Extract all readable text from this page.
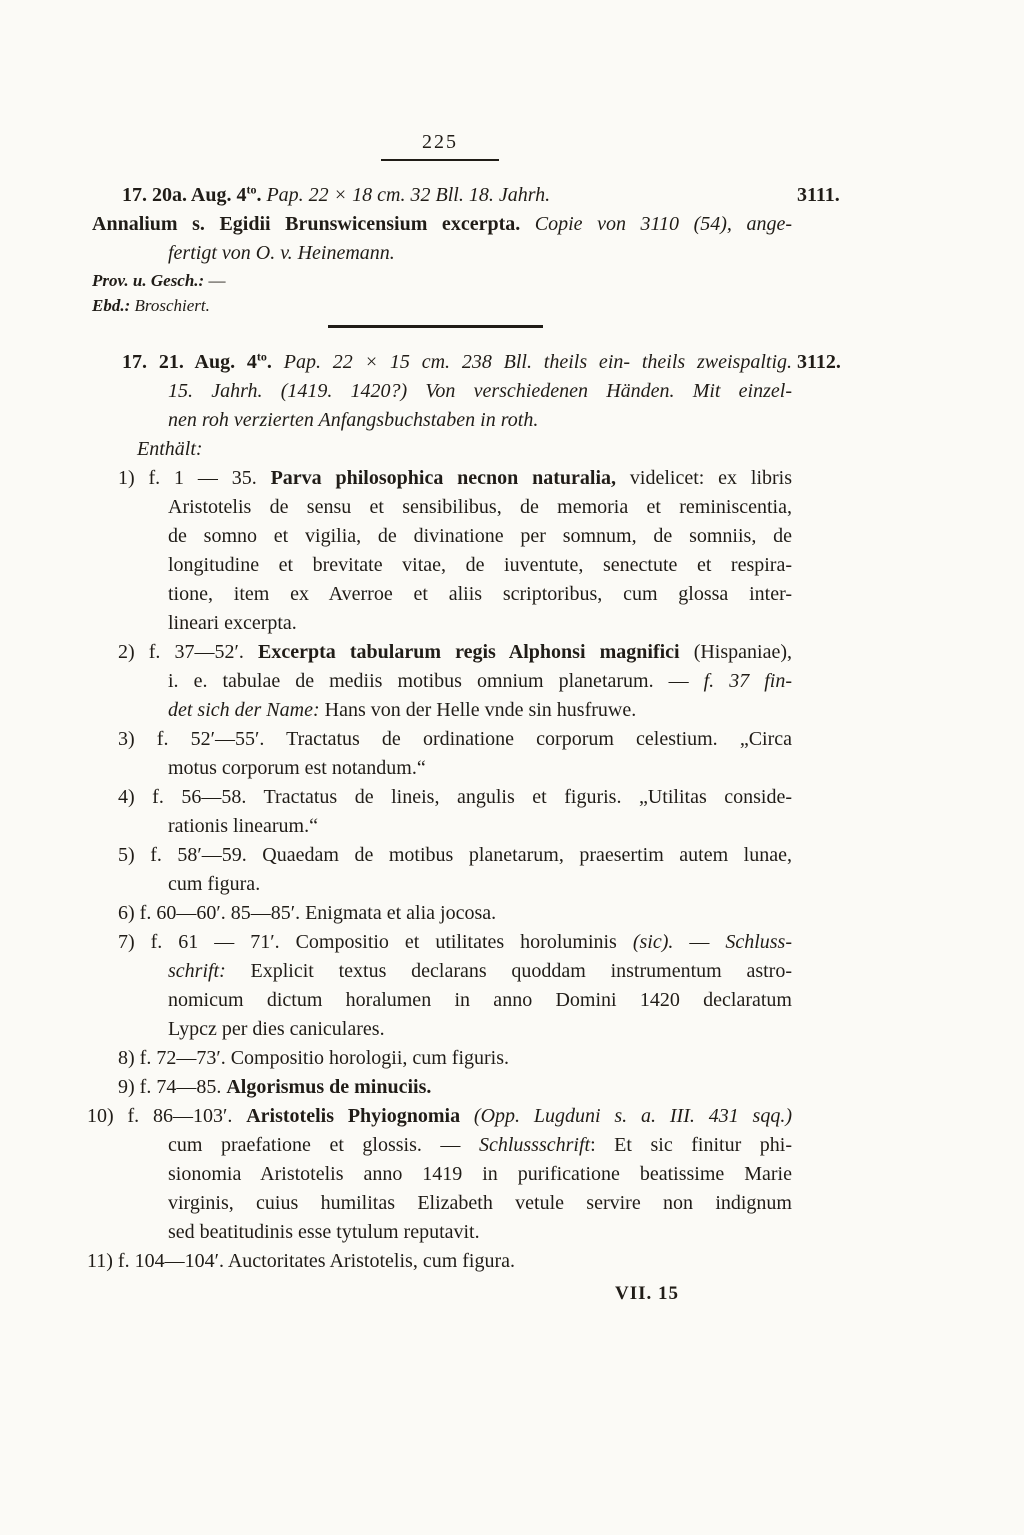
225
17. 20a. Aug. $4^{to}$. Pap. 22 × 18 cm. 32 Bll. 18. Jahrh.	3111.
Annalium s. Egidii Brunswicensium excerpta. Copie von 3110 (54), ange-
fertigt von O. v. Heinemann.
Prov. u. Gesch.: —
Ebd.: Broschiert.
17. 21. Aug. $4^{to}$. Pap. 22 × 15 cm. 238 Bll. theils ein- theils zweispaltig. 3112.
15. Jahrh. (1419. 1420?) Von verschiedenen Händen. Mit einzel-
nen roh verzierten Anfangsbuchstaben in roth.
Enthält:
1) f. 1 — 35. Parva philosophica necnon naturalia, videlicet: ex libris
Aristotelis de sensu et sensibilibus, de memoria et reminiscentia,
de somno et vigilia, de divinatione per somnum, de somniis, de
longitudine et brevitate vitae, de iuventute, senectute et respira-
tione, item ex Averroe et aliis scriptoribus, cum glossa inter-
lineari excerpta.
2) f. 37—52′. Excerpta tabularum regis Alphonsi magnifici (Hispaniae),
i. e. tabulae de mediis motibus omnium planetarum. — f. 37 fin-
det sich der Name: Hans von der Helle vnde sin husfruwe.
3) f. 52′—55′. Tractatus de ordinatione corporum celestium. „Circa
motus corporum est notandum.“
4) f. 56—58. Tractatus de lineis, angulis et figuris. „Utilitas conside-
rationis linearum.“
5) f. 58′—59. Quaedam de motibus planetarum, praesertim autem lunae,
cum figura.
6) f. 60—60′. 85—85′. Enigmata et alia jocosa.
7) f. 61 — 71′. Compositio et utilitates horoluminis (sic). — Schluss-
schrift: Explicit textus declarans quoddam instrumentum astro-
nomicum dictum horalumen in anno Domini 1420 declaratum
Lypcz per dies caniculares.
8) f. 72—73′. Compositio horologii, cum figuris.
9) f. 74—85. Algorismus de minuciis.
10) f. 86—103′. Aristotelis Phyiognomia (Opp. Lugduni s. a. III. 431 sqq.)
cum praefatione et glossis. — Schlussschrift: Et sic finitur phi-
sionomia Aristotelis anno 1419 in purificatione beatissime Marie
virginis, cuius humilitas Elizabeth vetule servire non indignum
sed beatitudinis esse tytulum reputavit.
11) f. 104—104′. Auctoritates Aristotelis, cum figura.
VII. 15
